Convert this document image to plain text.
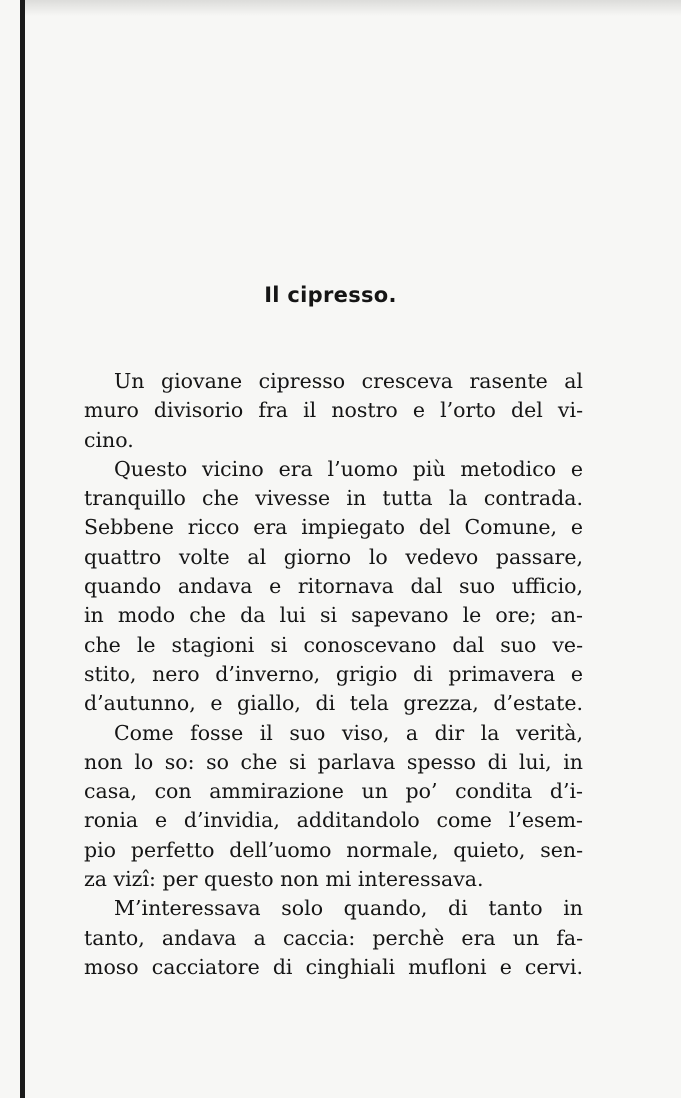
Il cipresso.
Un giovane cipresso cresceva rasente al
muro divisorio fra il nostro e l’orto del vi-
cino.
Questo vicino era l’uomo più metodico e
tranquillo che vivesse in tutta la contrada.
Sebbene ricco era impiegato del Comune, e
quattro volte al giorno lo vedevo passare,
quando andava e ritornava dal suo ufficio,
in modo che da lui si sapevano le ore; an-
che le stagioni si conoscevano dal suo ve-
stito, nero d’inverno, grigio di primavera e
d’autunno, e giallo, di tela grezza, d’estate.
Come fosse il suo viso, a dir la verità,
non lo so: so che si parlava spesso di lui, in
casa, con ammirazione un po’ condita d’i-
ronia e d’invidia, additandolo come l’esem-
pio perfetto dell’uomo normale, quieto, sen-
za vizî: per questo non mi interessava.
M’interessava solo quando, di tanto in
tanto, andava a caccia: perchè era un fa-
moso cacciatore di cinghiali mufloni e cervi.
